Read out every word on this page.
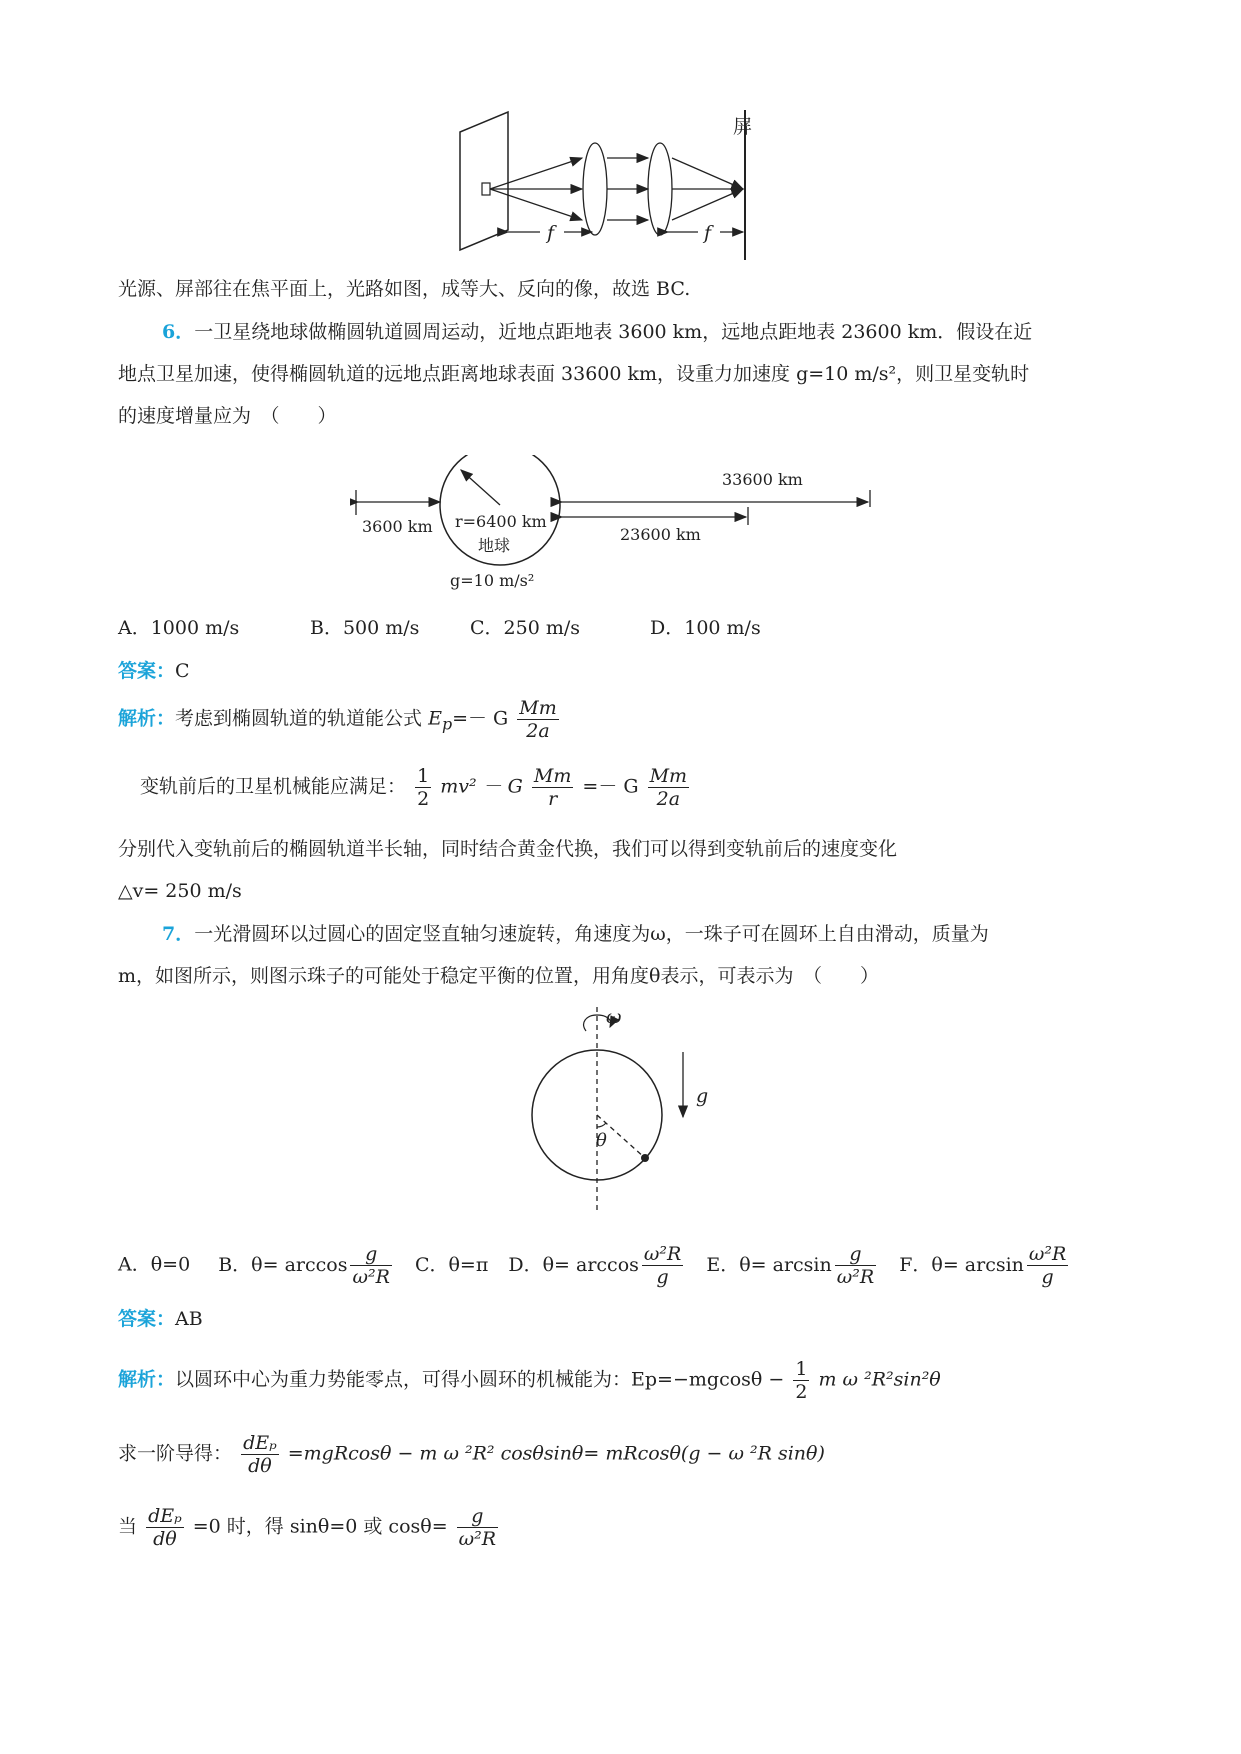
屏
f	f
光源、屏部往在焦平面上，光路如图，成等大、反向的像，故选 BC.
6．一卫星绕地球做椭圆轨道圆周运动，近地点距地表 3600 km，远地点距地表 23600 km．假设在近
地点卫星加速，使得椭圆轨道的远地点距离地球表面 33600 km，设重力加速度 g=10 m/s²，则卫星变轨时
的速度增量应为　（　　）
3600 km r=6400 km
地球
33600 km
23600 km
g=10 m/s²
A．1000 m/s	B．500 m/s	C．250 m/s	D．100 m/s
答案：C
解析：考虑到椭圆轨道的轨道能公式 $E_p=- G \frac{Mm}{2a}$
变轨前后的卫星机械能应满足： $\frac{1}{2} mv^2 - G \frac{Mm}{r} =- G \frac{Mm}{2a}$
分别代入变轨前后的椭圆轨道半长轴，同时结合黄金代换，我们可以得到变轨前后的速度变化
△v= 250 m/s
7．一光滑圆环以过圆心的固定竖直轴匀速旋转，角速度为ω，一珠子可在圆环上自由滑动，质量为
m，如图所示，则图示珠子的可能处于稳定平衡的位置，用角度θ表示，可表示为　（　　）
ω
θ
g
A．θ=0 B．$\theta= \arccos \frac{g}{\text{ω²R}}$ C．θ=π D．$\theta= \arccos \frac{\text{ω²R}}{g}$ E．$\theta= \arcsin \frac{g}{\text{ω²R}}$ F．$\theta= \arcsin \frac{\text{ω²R}}{g}$
答案：AB
解析：以圆环中心为重力势能零点，可得小圆环的机械能为：$Ep=-mgcos\theta - \frac{1}{2}$ m ω ²R²sin²θ
求一阶导得： $\frac{\text{dEₚ}}{d\theta} =mgRcos\theta - m$ ω ²R² cosθsinθ= mRcosθ(g − ω ²R sinθ)
当 $\frac{\text{dEₚ}}{d\theta} =0$ 时，得 sinθ=0 或 $\cos\theta= \frac{g}{\text{ω²R}}$
